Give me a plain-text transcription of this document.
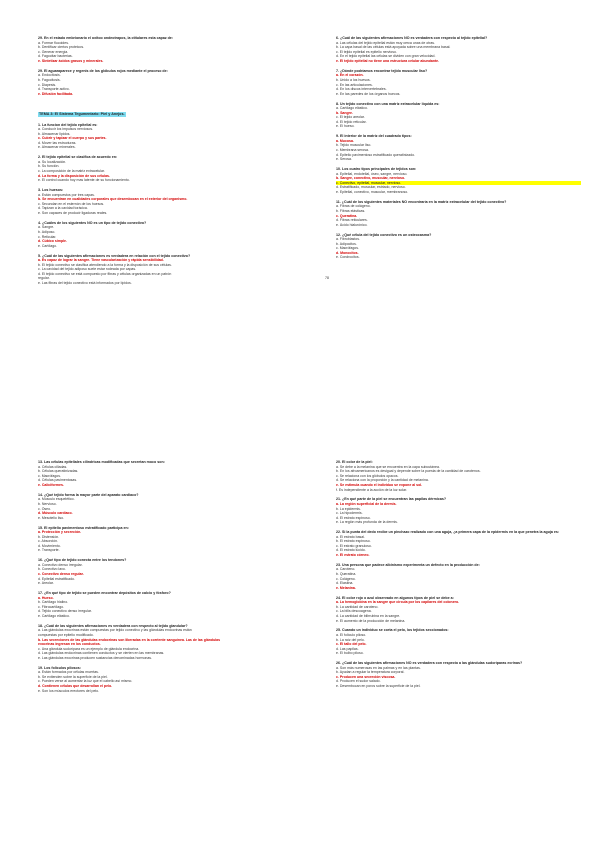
29. En el estado embrionario el oxitoo ondeotrapos, la ctitulares esta capaz de:
a. Formar flucoides.
b. Dentificar ciertos proteicos.
c. Generar energia.
d. Fagocitar bacterias.
e. Sintetizar ácidos grasos y minerales.
29. El aguaraparece y regenis de los glóbulos rojos mediante el proceso de:
a. Endocitosis.
b. Fagocitosis.
c. Diapesis.
d. Transporte activo.
e. Difusión facilitada.
TEMA 3: El Sistema Tegumentario: Piel y Anejos.
1. La funcion del tejido epitelial es:
a. Conducir los impulsos nerviosos.
b. Almacenar lipidos.
c. Cubrir y tapizar el cuerpo y sus partes.
d. Mover las estructuras.
e. Almacenar minerales.
2. El tejido epitelial se clasifica de acuerdo en:
a. Su localización.
b. Su función.
c. La composición de la matriz extracelular.
d. La forma y la disposición de sus células.
e. El control cuando hoy mas latente de su funcionamiento.
3. Los huesos:
a. Están compuestos por tres capas.
b. Se encuentran en cualidades corporales que desembocan en el exterior del organismo.
c. Secundan en el esternón de los huesos.
d. Tapizan a la cavidad torácica.
e. Son capaces de producir ligaduras reales.
4. ¿Cuáles de los siguientes NO es un tipo de tejido conectivo?
a. Sangre.
b. Adiposo.
c. Reticular.
d. Cúbico simple.
e. Cartílago.
5. ¿Cuál de las siguientes afirmaciones es verdadera en relación con el tejido conectivo?
a. Es capaz de lograr la sangre. Tiene vascularización y rápida sensibilidad.
b. El tejido conectivo se clasifica atendiendo a la forma y la disposición de sus células.
c. La cavidad del tejido adiposo suele estar rodeada por capas.
d. El tejido conectivo se está compuesto por fibras y células organizadas en un patrón
regular.
e. Las fibras del tejido conectivo está informados por lípidos.
78
6. ¿Cuál de las siguientes afirmaciones NO es verdadera con respecto al tejido epitelial?
a. Las células del tejido epitelial están muy cerca unas de otras.
b. La capa basal de las células está apoyada sobre una membrana basal.
c. El tejido epitelial es epitelio nervioso.
d. En el tejido epitelial las células se dividen con gran velocidad.
e. El tejido epitelial no tiene una estructura celular abundante.
7. ¿Dónde podríamos encontrar tejido muscular liso?
a. En el corazón.
b. Unido a los huesos.
c. En las articulaciones.
d. En los discos intervertebrales.
e. En las paredes de los órganos huecos.
8. Un tejido conectivo con una matriz extracelular líquida es:
a. Cartílago elástico.
b. Sangre.
c. El tejido areolar.
d. El tejido reticular.
e. El hueso.
9. El interior de la matriz del cuadrado tipos:
a. Mucosa.
b. Tejido muscular liso.
c. Membrana serosa.
d. Epitelio pavimentoso estratificado queratinizado.
e. Serosa.
10. Los cuatro tipos principales de tejidos son:
a. Epitelial, endotelial, óseo, sangre, nervioso.
b. Sangre, conectivo, muscular, nervioso.
c. Conectivo, epitelial, muscular, nervioso.
d. Estratificado, muscular, estriado, nervioso.
e. Epitelial, conectivo, muscular, membranoso.
11. ¿Cuál de los siguientes materiales NO encontraría en la matriz extracelular del tejido conectivo?
a. Fibras de colágeno.
b. Fibras elásticas.
c. Queratina.
d. Fibras reticulares.
e. Ácido hialurónico.
12. ¿Qué célula del tejido conectivo es un osteocasma?
a. Fibroblastos.
b. Adipocitos.
c. Macrófagos.
d. Monocitos.
e. Condrocitos.
13. Las células epiteliales cilíndricas modificadas que secretan moco son:
a. Células ciliadas.
b. Células queratinizadas.
c. Macrófagos.
d. Células pavimentosas.
e. Caliciformes.
14. ¿Qué tejido forma la mayor parte del aparato cardiaco?
a. Músculo esquelético.
b. Nervioso.
c. Óseo.
d. Músculo cardíaco.
e. Mesotelio liso.
15. El epitelio pavimentoso estratificado participa en:
a. Protección y secreción.
b. Distensión.
c. Absorción.
d. Movimiento.
e. Transporte.
16. ¿Qué tipo de tejido conecta entre los tendones?
a. Conectivo denso irregular.
b. Conectivo laxo.
c. Conectivo denso regular.
d. Epitelial estratificado.
e. Areolar.
17. ¿En qué tipo de tejido se pueden encontrar depósitos de calcio y fósforo?
a. Hueso.
b. Cartílago hialino.
c. Fibrocartílago.
d. Tejido conectivo denso irregular.
e. Cartílago elástico.
18. ¿Cuál de las siguientes afirmaciones es verdadera con respecto al tejido glandular?
a. Las glándulas exocrinas están compuestas por tejido conectivo y las glándulas endocrinas están
compuestas por epitelio modificado.
b. Las secreciones de las glándulas endocrinas son liberadas en la corriente sanguínea. Las de las glándulas
exocrinas ingresan en los conductos.
c. Una glándula sudorípara es un ejemplo de glándula endocrina.
d. Las glándulas endocrinas contienen conductos y se vierten en las membranas.
e. Las glándulas exocrinas producen sustancias denominadas hormonas.
19. Los folículos pilosos:
a. Están formados por células muertas.
b. Se extienden sobre la superficie de la piel.
c. Pueden verse al aumentar la luz que el cabello así mismo.
d. Contienen células que desarrollan el pelo.
e. Son los músculos erectores del pelo.
20. El color de la piel:
a. Se debe a la melanina que se encuentra en la capa subcutánea.
b. En los afroamericanos es desigual y depende sobre la puesta de la cantidad de carotenos.
c. Se relaciona con los glóbulos opacos.
d. Se relaciona con la proporción y la cantidad de melanina.
e. Se estimula cuando el individuo se expone al sol.
f. Es independiente a la acción de la luz solar.
21. ¿En qué parte de la piel se encuentran las papilas dérmicas?
a. La región superficial de la dermis.
b. La epidermis.
c. La hipodermis.
d. El estrato espinoso.
e. La región más profunda de la dermis.
22. Si la punta del dedo recibe un pinchazo realizado con una aguja, ¿a primera capa de la epidermis en la que penetra la aguja es:
a. El estrato basal.
b. El estrato espinoso.
c. El estrato granuloso.
d. El estrato lúcido.
e. El estrato córneo.
23. Una persona que padece albinismo experimenta un defecto en la producción de:
a. Caroteno.
b. Queratina.
c. Colágeno.
d. Elastina.
e. Melanina.
24. El color rojo o azul observado en algunos tipos de piel se debe a:
a. La hemoglobina en la sangre que circula por los capilares del colonero.
b. La cantidad de caroteno.
c. La bilis descoagena.
d. La cantidad de bilirrubina en la sangre.
e. El aumento de la producción de melanina.
25. Cuando un individuo se corta el pelo, los tejidos seccionados:
a. El folículo piloso.
b. La raíz del pelo.
c. El tallo del pelo.
d. Las papilas.
e. El bulbo piloso.
26. ¿Cuál de las siguientes afirmaciones NO es verdadera con respecto a las glándulas sudoríparas ecrinas?
a. Son más numerosas en las palmas y en las plantas.
b. Ayudan a regular la temperatura corporal.
c. Producen una secreción viscosa.
d. Producen el sudor salado.
e. Desembocan en poros sobre la superficie de la piel.
